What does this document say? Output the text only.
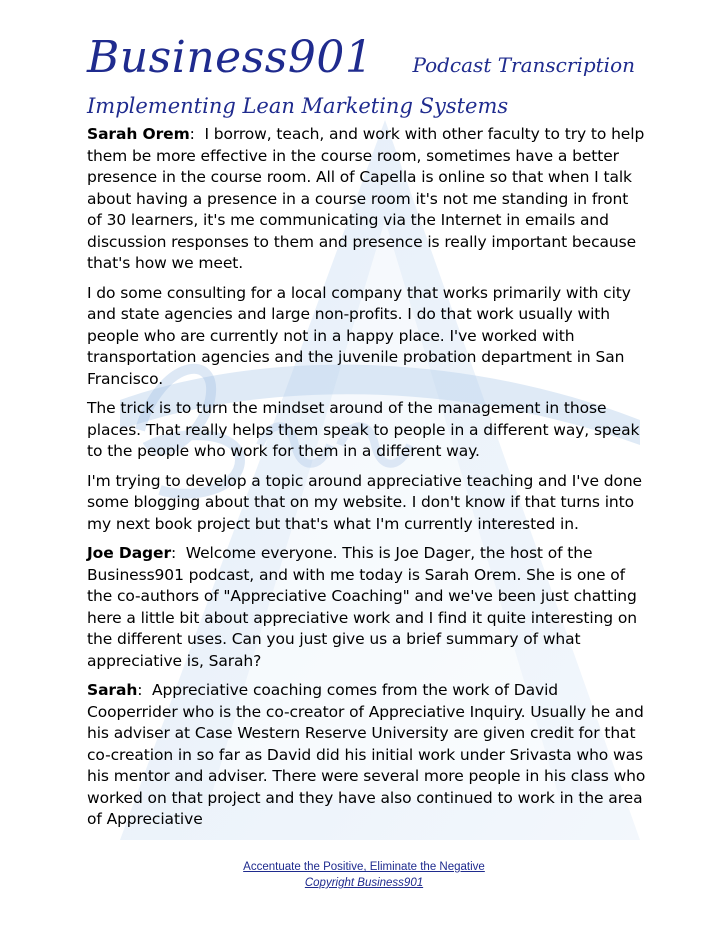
Business901 Podcast Transcription
Implementing Lean Marketing Systems

Sarah Orem:  I borrow, teach, and work with other faculty to try to help them be more effective in the course room, sometimes have a better presence in the course room. All of Capella is online so that when I talk about having a presence in a course room it's not me standing in front of 30 learners, it's me communicating via the Internet in emails and discussion responses to them and presence is really important because that's how we meet.

I do some consulting for a local company that works primarily with city and state agencies and large non-profits. I do that work usually with people who are currently not in a happy place. I've worked with transportation agencies and the juvenile probation department in San Francisco.

The trick is to turn the mindset around of the management in those places. That really helps them speak to people in a different way, speak to the people who work for them in a different way.

I'm trying to develop a topic around appreciative teaching and I've done some blogging about that on my website. I don't know if that turns into my next book project but that's what I'm currently interested in.

Joe Dager:  Welcome everyone. This is Joe Dager, the host of the Business901 podcast, and with me today is Sarah Orem. She is one of the co-authors of "Appreciative Coaching" and we've been just chatting here a little bit about appreciative work and I find it quite interesting on the different uses. Can you just give us a brief summary of what appreciative is, Sarah?

Sarah:  Appreciative coaching comes from the work of David Cooperrider who is the co-creator of Appreciative Inquiry. Usually he and his adviser at Case Western Reserve University are given credit for that co-creation in so far as David did his initial work under Srivasta who was his mentor and adviser. There were several more people in his class who worked on that project and they have also continued to work in the area of Appreciative

Accentuate the Positive, Eliminate the Negative
Copyright Business901
